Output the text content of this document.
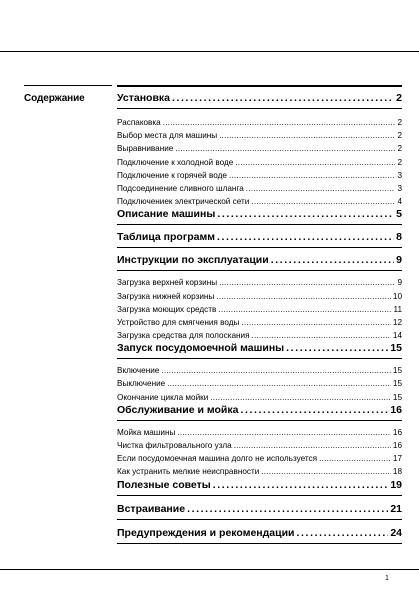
Содержание	Установка .....	2
Распаковка .....	2
Выбор места для машины .....	2
Выравнивание .....	2
Подключение к холодной воде .....	2
Подключение к горячей воде .....	3
Подсоединение сливного шланга .....	3
Подключениек электрической сети .....	4
Описание машины .....	5
Таблица программ .....	8
Инструкции по эксплуатации .....	9
Загрузка верхней корзины .....	9
Загрузка нижней корзины .....	10
Загрузка моющих средств .....	11
Устройство для смягчения воды .....	12
Загрузка средства для полоскания .....	14
Запуск посудомоечной машины .....	15
Включение .....	15
Выключение .....	15
Окончание цикла мойки .....	15
Обслуживание и мойка .....	16
Мойка машины .....	16
Чистка фильтровального узла .....	16
Если посудомоечная машина долго не используется .....	17
Как устранить мелкие неисправности .....	18
Полезные советы .....	19
Встраивание .....	21
Предупреждения и рекомендации .....	24
1
